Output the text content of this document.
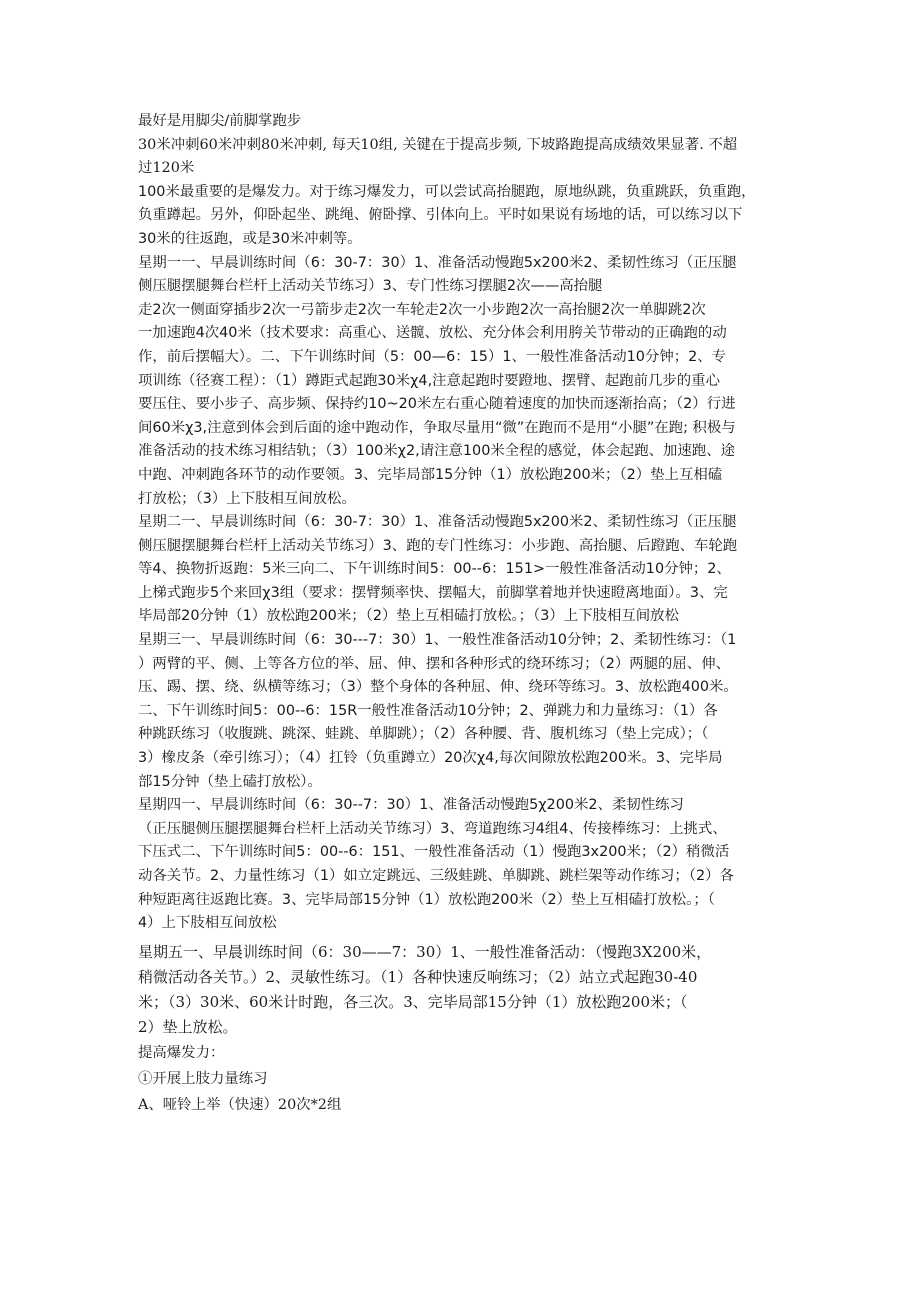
最好是用脚尖/前脚掌跑步
30米冲刺60米冲刺80米冲刺, 每天10组, 关键在于提高步频, 下坡路跑提高成绩效果显著. 不超
过120米
100米最重要的是爆发力。对于练习爆发力，可以尝试高抬腿跑，原地纵跳，负重跳跃，负重跑，
负重蹲起。另外，仰卧起坐、跳绳、俯卧撑、引体向上。平时如果说有场地的话，可以练习以下
30米的往返跑，或是30米冲刺等。
星期一一、早晨训练时间（6：30-7：30）1、准备活动慢跑5x200米2、柔韧性练习（正压腿
侧压腿摆腿舞台栏杆上活动关节练习）3、专门性练习摆腿2次——高抬腿
走2次一侧面穿插步2次一弓箭步走2次一车轮走2次一小步跑2次一高抬腿2次一单脚跳2次
一加速跑4次40米（技术要求：高重心、送髋、放松、充分体会利用胯关节带动的正确跑的动
作，前后摆幅大）。二、下午训练时间（5：00—6：15）1、一般性准备活动10分钟；2、专
项训练（径赛工程）：（1）蹲距式起跑30米χ4,注意起跑时要蹬地、摆臂、起跑前几步的重心
要压住、要小步子、高步频、保持约10~20米左右重心随着速度的加快而逐渐抬高；（2）行进
间60米χ3,注意到体会到后面的途中跑动作，争取尽量用“微”在跑而不是用“小腿”在跑; 积极与
准备活动的技术练习相结轨；（3）100米χ2,请注意100米全程的感觉，体会起跑、加速跑、途
中跑、冲刺跑各环节的动作要领。3、完毕局部15分钟（1）放松跑200米；（2）垫上互相磕
打放松；（3）上下肢相互间放松。
星期二一、早晨训练时间（6：30-7：30）1、准备活动慢跑5x200米2、柔韧性练习（正压腿
侧压腿摆腿舞台栏杆上活动关节练习）3、跑的专门性练习：小步跑、高抬腿、后蹬跑、车轮跑
等4、换物折返跑：5米三向二、下午训练时间5：00--6：151>一般性准备活动10分钟；2、
上梯式跑步5个来回χ3组（要求：摆臂频率快、摆幅大，前脚掌着地并快速瞪离地面）。3、完
毕局部20分钟（1）放松跑200米；（2）垫上互相磕打放松。；（3）上下肢相互间放松
星期三一、早晨训练时间（6：30---7：30）1、一般性准备活动10分钟；2、柔韧性练习：（1
）两臂的平、侧、上等各方位的举、屈、伸、摆和各种形式的绕环练习；（2）两腿的屈、伸、
压、踢、摆、绕、纵横等练习；（3）整个身体的各种屈、伸、绕环等练习。3、放松跑400米。
二、下午训练时间5：00--6：15R一般性准备活动10分钟；2、弹跳力和力量练习：（1）各
种跳跃练习（收腹跳、跳深、蛙跳、单脚跳）；（2）各种腰、背、腹机练习（垫上完成）；（
3）橡皮条（牵引练习）；（4）扛铃（负重蹲立）20次χ4,每次间隙放松跑200米。3、完毕局
部15分钟（垫上磕打放松）。
星期四一、早晨训练时间（6：30--7：30）1、准备活动慢跑5χ200米2、柔韧性练习
（正压腿侧压腿摆腿舞台栏杆上活动关节练习）3、弯道跑练习4组4、传接棒练习：上挑式、
下压式二、下午训练时间5：00--6：151、一般性准备活动（1）慢跑3x200米；（2）稍微活
动各关节。2、力量性练习（1）如立定跳远、三级蛙跳、单脚跳、跳栏架等动作练习；（2）各
种短距离往返跑比赛。3、完毕局部15分钟（1）放松跑200米（2）垫上互相磕打放松。；（
4）上下肢相互间放松
星期五一、早晨训练时间（6：30——7：30）1、一般性准备活动：（慢跑3X200米，
稍微活动各关节。）2、灵敏性练习。（1）各种快速反响练习；（2）站立式起跑30-40
米；（3）30米、60米计时跑，各三次。3、完毕局部15分钟（1）放松跑200米；（
2）垫上放松。
提高爆发力：
①开展上肢力量练习
A、哑铃上举（快速）20次*2组
